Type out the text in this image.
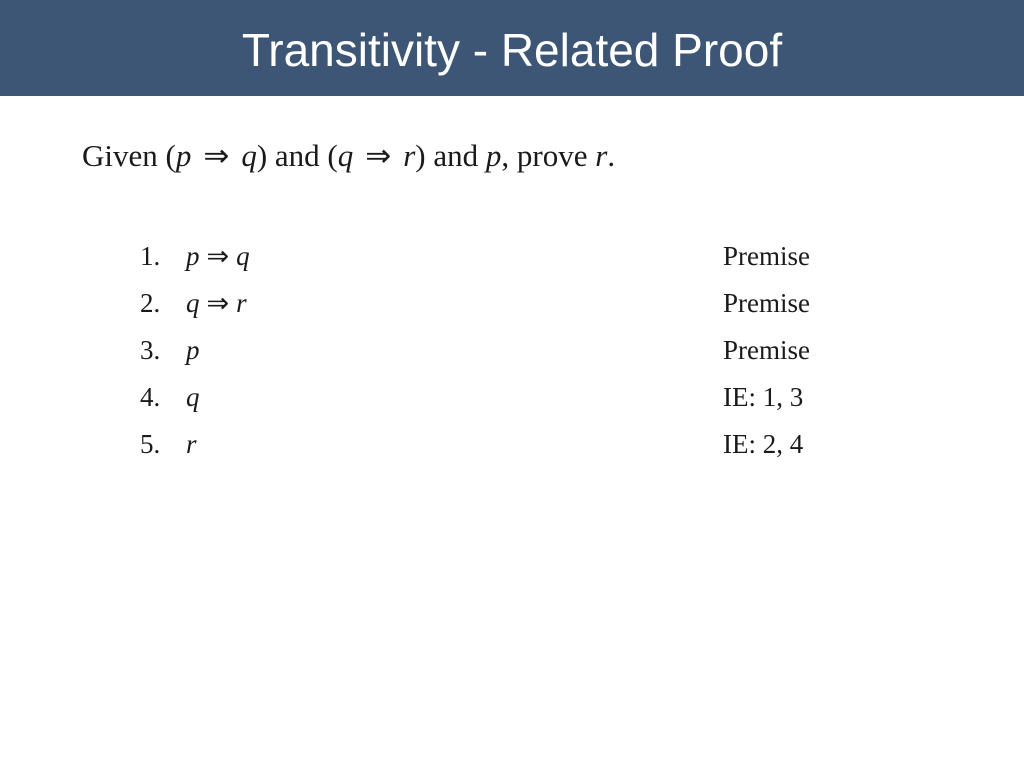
Transitivity - Related Proof
Given (p ⇒ q) and (q ⇒ r) and p, prove r.
1. p ⇒ q	Premise
2. q ⇒ r	Premise
3. p	Premise
4. q	IE: 1, 3
5. r	IE: 2, 4
